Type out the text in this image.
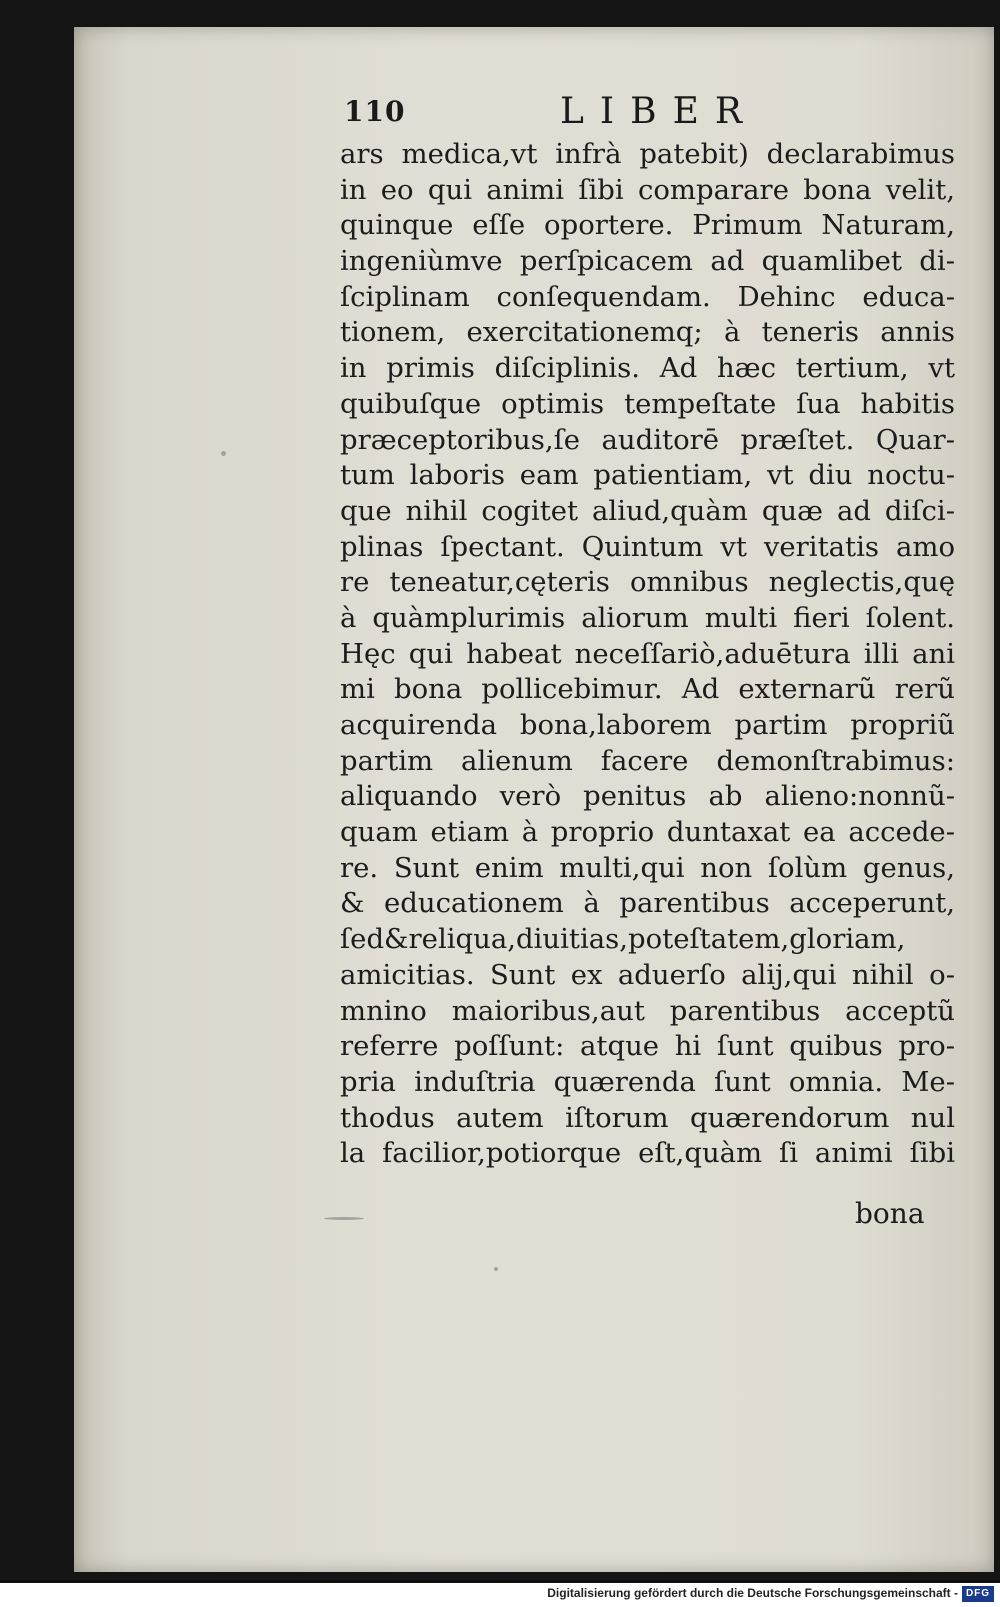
110	LIBER
ars medica,vt infrà patebit) declarabimus
in eo qui animi ſibi comparare bona velit,
quinque eſſe oportere. Primum Naturam,
ingeniùmve perſpicacem ad quamlibet di-
ſciplinam conſequendam. Dehinc educa-
tionem, exercitationemq; à teneris annis
in primis diſciplinis. Ad hæc tertium, vt
quibuſque optimis tempeſtate ſua habitis
præceptoribus,ſe auditorē præſtet. Quar-
tum laboris eam patientiam, vt diu noctu-
que nihil cogitet aliud,quàm quæ ad diſci-
plinas ſpectant. Quintum vt veritatis amo
re teneatur,cęteris omnibus neglectis,quę
à quàmplurimis aliorum multi fieri ſolent.
Hęc qui habeat neceſſariò,aduētura illi ani
mi bona pollicebimur. Ad externarũ rerũ
acquirenda bona,laborem partim propriũ
partim alienum facere demonſtrabimus:
aliquando verò penitus ab alieno:nonnũ-
quam etiam à proprio duntaxat ea accede-
re. Sunt enim multi,qui non ſolùm genus,
& educationem à parentibus acceperunt,
ſed&reliqua,diuitias,poteſtatem,gloriam,
amicitias. Sunt ex aduerſo alij,qui nihil o-
mnino maioribus,aut parentibus acceptũ
referre poſſunt: atque hi ſunt quibus pro-
pria induſtria quærenda ſunt omnia. Me-
thodus autem iſtorum quærendorum nul
la facilior,potiorque eſt,quàm ſi animi ſibi
bona
Digitalisierung gefördert durch die Deutsche Forschungsgemeinschaft - DFG
